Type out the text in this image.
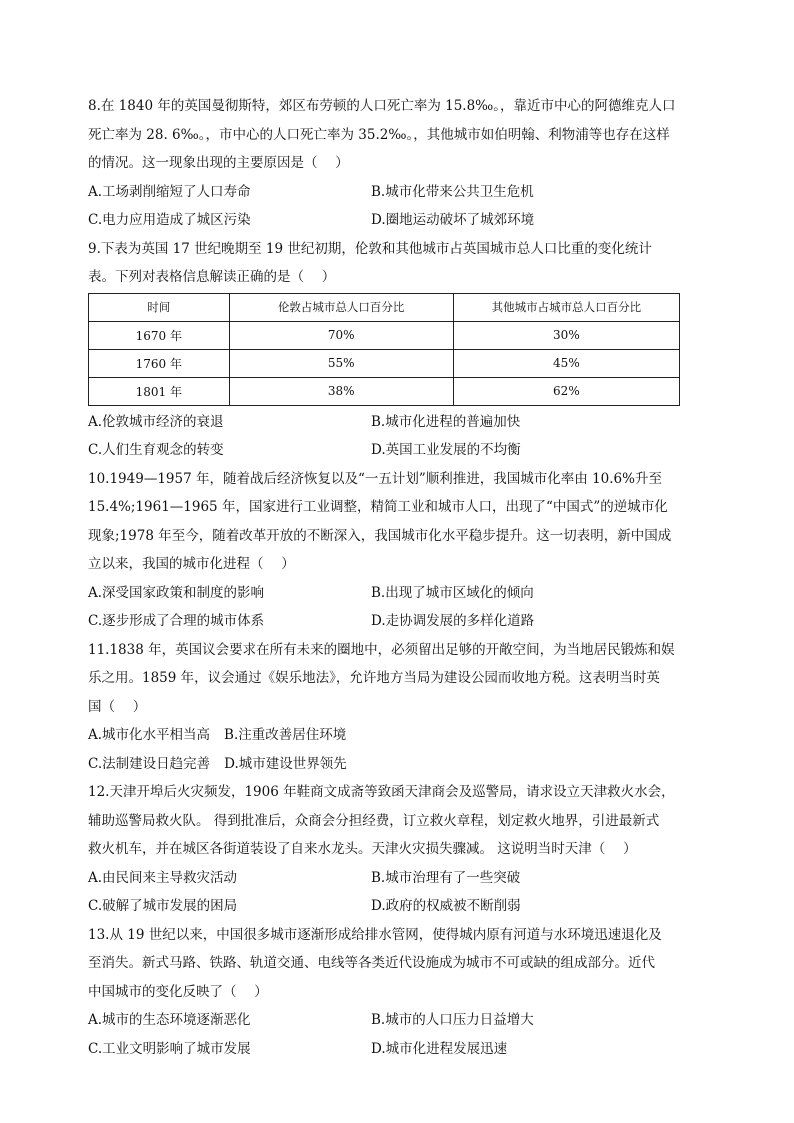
8.在 1840 年的英国曼彻斯特，郊区布劳顿的人口死亡率为 15.8‰。，靠近市中心的阿德维克人口
死亡率为 28. 6‰。，市中心的人口死亡率为 35.2‰。，其他城市如伯明翰、利物浦等也存在这样
的情况。这一现象出现的主要原因是（　 ）
A.工场剥削缩短了人口寿命	B.城市化带来公共卫生危机
C.电力应用造成了城区污染	D.圈地运动破坏了城郊环境
9.下表为英国 17 世纪晚期至 19 世纪初期，伦敦和其他城市占英国城市总人口比重的变化统计
表。下列对表格信息解读正确的是（　 ）
时间	伦敦占城市总人口百分比	其他城市占城市总人口百分比
1670 年	70%	30%
1760 年	55%	45%
1801 年	38%	62%
A.伦敦城市经济的衰退	B.城市化进程的普遍加快
C.人们生育观念的转变	D.英国工业发展的不均衡
10.1949—1957 年，随着战后经济恢复以及“一五计划”顺利推进，我国城市化率由 10.6%升至
15.4%;1961—1965 年，国家进行工业调整，精简工业和城市人口，出现了“中国式”的逆城市化
现象;1978 年至今，随着改革开放的不断深入，我国城市化水平稳步提升。这一切表明，新中国成
立以来，我国的城市化进程（　 ）
A.深受国家政策和制度的影响	B.出现了城市区域化的倾向
C.逐步形成了合理的城市体系	D.走协调发展的多样化道路
11.1838 年，英国议会要求在所有未来的圈地中，必须留出足够的开敞空间，为当地居民锻炼和娱
乐之用。1859 年，议会通过《娱乐地法》，允许地方当局为建设公园而收地方税。这表明当时英
国（　 ）
A.城市化水平相当高 B.注重改善居住环境
C.法制建设日趋完善 D.城市建设世界领先
12.天津开埠后火灾频发，1906 年鞋商文成斋等致函天津商会及巡警局，请求设立天津救火水会，
辅助巡警局救火队。 得到批准后，众商会分担经费，订立救火章程，划定救火地界，引进最新式
救火机车，并在城区各街道装设了自来水龙头。天津火灾损失骤减。 这说明当时天津（　 ）
A.由民间来主导救灾活动	B.城市治理有了一些突破
C.破解了城市发展的困局	D.政府的权威被不断削弱
13.从 19 世纪以来，中国很多城市逐渐形成给排水管网，使得城内原有河道与水环境迅速退化及
至消失。新式马路、铁路、轨道交通、电线等各类近代设施成为城市不可或缺的组成部分。近代
中国城市的变化反映了（　 ）
A.城市的生态环境逐渐恶化	B.城市的人口压力日益增大
C.工业文明影响了城市发展	D.城市化进程发展迅速
